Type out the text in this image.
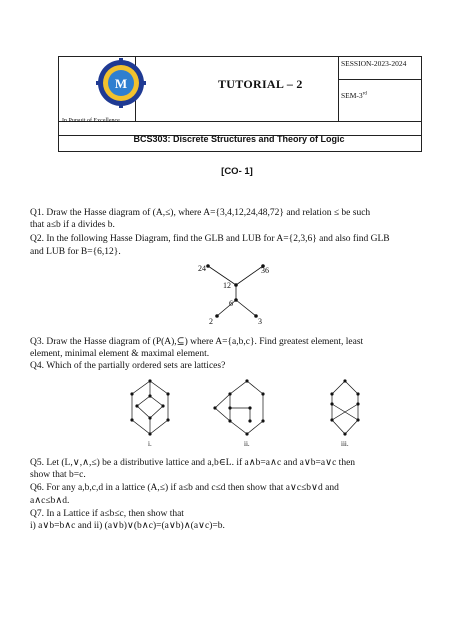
M
In Pursuit of Excellence
TUTORIAL – 2
SESSION-2023-2024
SEM-3rd
BCS303: Discrete Structures and Theory of Logic
[CO- 1]
Q1. Draw the Hasse diagram of (A,≤), where A={3,4,12,24,48,72} and relation ≤ be such
that a≤b if a divides b.
Q2. In the following Hasse Diagram, find the GLB and LUB for A={2,3,6} and also find GLB
and LUB for B={6,12}.
24	36
12
6
2	3
Q3. Draw the Hasse diagram of (P(A),⊆) where A={a,b,c}. Find greatest element, least
element, minimal element & maximal element.
Q4. Which of the partially ordered sets are lattices?
i.	ii.	iii.
Q5. Let (L,∨,∧,≤) be a distributive lattice and a,b∈L. if a∧b=a∧c and a∨b=a∨c then
show that b=c.
Q6. For any a,b,c,d in a lattice (A,≤) if a≤b and c≤d then show that a∨c≤b∨d and
a∧c≤b∧d.
Q7. In a Lattice if a≤b≤c, then show that
i) a∨b=b∧c and ii) (a∨b)∨(b∧c)=(a∨b)∧(a∨c)=b.
